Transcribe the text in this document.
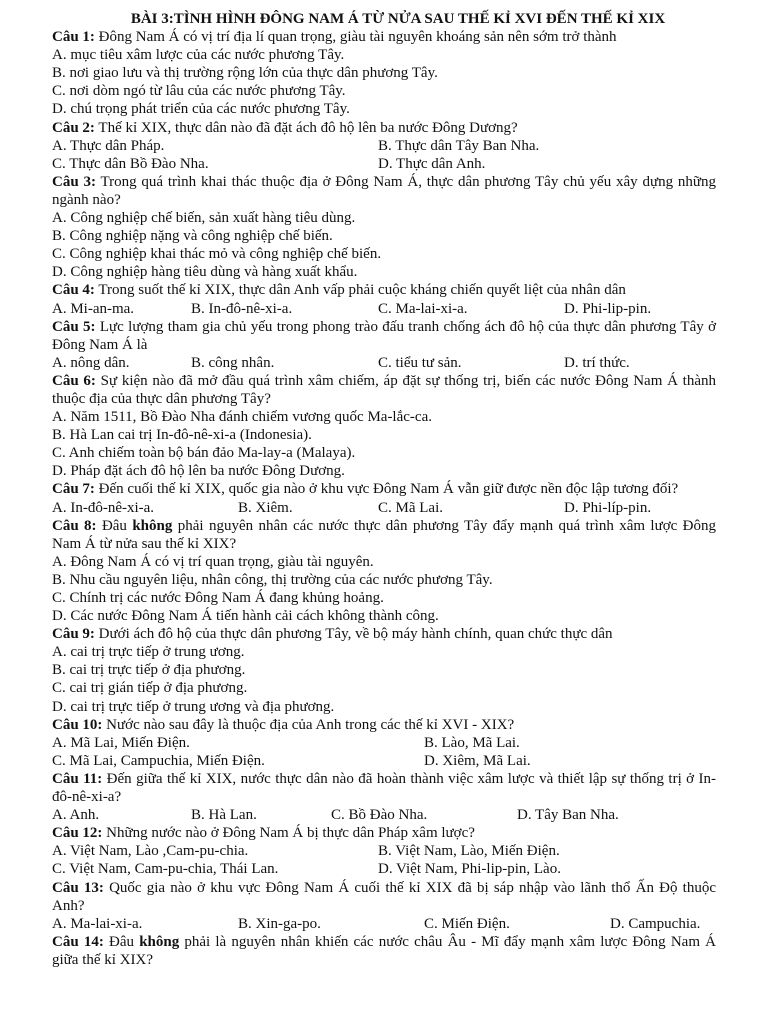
BÀI 3:TÌNH HÌNH ĐÔNG NAM Á TỪ NỬA SAU THẾ KỈ XVI ĐẾN THẾ KỈ XIX
Câu 1: Đông Nam Á có vị trí địa lí quan trọng, giàu tài nguyên khoáng sản nên sớm trở thành
A. mục tiêu xâm lược của các nước phương Tây.
B. nơi giao lưu và thị trường rộng lớn của thực dân phương Tây.
C. nơi dòm ngó từ lâu của các nước phương Tây.
D. chú trọng phát triển của các nước phương Tây.
Câu 2: Thế kỉ XIX, thực dân nào đã đặt ách đô hộ lên ba nước Đông Dương?
A. Thực dân Pháp.	B. Thực dân Tây Ban Nha.
C. Thực dân Bồ Đào Nha.	D. Thực dân Anh.
Câu 3: Trong quá trình khai thác thuộc địa ở Đông Nam Á, thực dân phương Tây chủ yếu xây dựng những ngành nào?
A. Công nghiệp chế biến, sản xuất hàng tiêu dùng.
B. Công nghiệp nặng và công nghiệp chế biến.
C. Công nghiệp khai thác mỏ và công nghiệp chế biến.
D. Công nghiệp hàng tiêu dùng và hàng xuất khẩu.
Câu 4: Trong suốt thế kỉ XIX, thực dân Anh vấp phải cuộc kháng chiến quyết liệt của nhân dân
A. Mi-an-ma.	B. In-đô-nê-xi-a.	C. Ma-lai-xi-a.	D. Phi-lip-pin.
Câu 5: Lực lượng tham gia chủ yếu trong phong trào đấu tranh chống ách đô hộ của thực dân phương Tây ở Đông Nam Á là
A. nông dân.	B. công nhân.	C. tiểu tư sản.	D. trí thức.
Câu 6: Sự kiện nào đã mở đầu quá trình xâm chiếm, áp đặt sự thống trị, biến các nước Đông Nam Á thành thuộc địa của thực dân phương Tây?
A. Năm 1511, Bồ Đào Nha đánh chiếm vương quốc Ma-lắc-ca.
B. Hà Lan cai trị In-đô-nê-xi-a (Indonesia).
C. Anh chiếm toàn bộ bán đảo Ma-lay-a (Malaya).
D. Pháp đặt ách đô hộ lên ba nước Đông Dương.
Câu 7: Đến cuối thế kỉ XIX, quốc gia nào ở khu vực Đông Nam Á vẫn giữ được nền độc lập tương đối?
A. In-đô-nê-xi-a.	B. Xiêm.	C. Mã Lai.	D. Phi-líp-pin.
Câu 8: Đâu không phải nguyên nhân các nước thực dân phương Tây đẩy mạnh quá trình xâm lược Đông Nam Á từ nửa sau thế kỉ XIX?
A. Đông Nam Á có vị trí quan trọng, giàu tài nguyên.
B. Nhu cầu nguyên liệu, nhân công, thị trường của các nước phương Tây.
C. Chính trị các nước Đông Nam Á đang khủng hoảng.
D. Các nước Đông Nam Á tiến hành cải cách không thành công.
Câu 9: Dưới ách đô hộ của thực dân phương Tây, về bộ máy hành chính, quan chức thực dân
A. cai trị trực tiếp ở trung ương.
B. cai trị trực tiếp ở địa phương.
C. cai trị gián tiếp ở địa phương.
D. cai trị trực tiếp ở trung ương và địa phương.
Câu 10: Nước nào sau đây là thuộc địa của Anh trong các thế kỉ XVI - XIX?
A. Mã Lai, Miến Điện.	B. Lào, Mã Lai.
C. Mã Lai, Campuchia, Miến Điện.	D. Xiêm, Mã Lai.
Câu 11: Đến giữa thế kỉ XIX, nước thực dân nào đã hoàn thành việc xâm lược và thiết lập sự thống trị ở In-đô-nê-xi-a?
A. Anh.	B. Hà Lan.	C. Bồ Đào Nha.	D. Tây Ban Nha.
Câu 12: Những nước nào ở Đông Nam Á bị thực dân Pháp xâm lược?
A. Việt Nam, Lào ,Cam-pu-chia.	B. Việt Nam, Lào, Miến Điện.
C. Việt Nam, Cam-pu-chia, Thái Lan.	D. Việt Nam, Phi-lip-pin, Lào.
Câu 13: Quốc gia nào ở khu vực Đông Nam Á cuối thế kỉ XIX đã bị sáp nhập vào lãnh thổ Ấn Độ thuộc Anh?
A. Ma-lai-xi-a.	B. Xin-ga-po.	C. Miến Điện.	D. Campuchia.
Câu 14: Đâu không phải là nguyên nhân khiến các nước châu Âu - Mĩ đẩy mạnh xâm lược Đông Nam Á giữa thế kỉ XIX?
